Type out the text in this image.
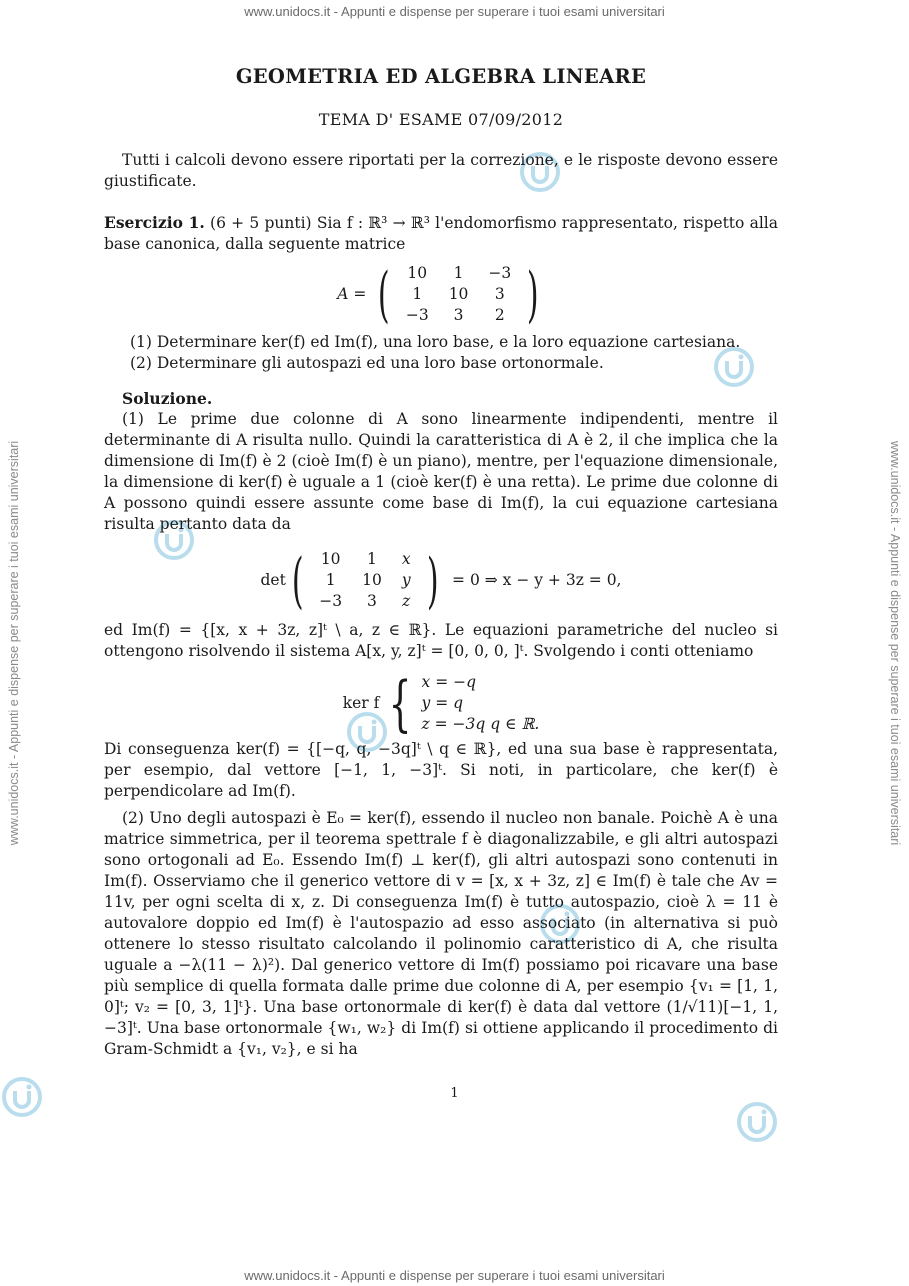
www.unidocs.it - Appunti e dispense per superare i tuoi esami universitari
www.unidocs.it - Appunti e dispense per superare i tuoi esami universitari
www.unidocs.it - Appunti e dispense per superare i tuoi esami universitari	www.unidocs.it - Appunti e dispense per superare i tuoi esami universitari
GEOMETRIA ED ALGEBRA LINEARE
TEMA D' ESAME 07/09/2012

Tutti i calcoli devono essere riportati per la correzione, e le risposte devono essere giustificate.

Esercizio 1. (6 + 5 punti) Sia f : ℝ³ → ℝ³ l'endomorfismo rappresentato, rispetto alla base canonica, dalla seguente matrice

A = ( 10	1	−3
1	10	3
−3	3	2 )
(1) Determinare ker(f) ed Im(f), una loro base, e la loro equazione cartesiana.
(2) Determinare gli autospazi ed una loro base ortonormale.
Soluzione.

(1) Le prime due colonne di A sono linearmente indipendenti, mentre il determinante di A risulta nullo. Quindi la caratteristica di A è 2, il che implica che la dimensione di Im(f) è 2 (cioè Im(f) è un piano), mentre, per l'equazione dimensionale, la dimensione di ker(f) è uguale a 1 (cioè ker(f) è una retta). Le prime due colonne di A possono quindi essere assunte come base di Im(f), la cui equazione cartesiana risulta pertanto data da

det ( 10	1	x
1	10	y
−3	3	z ) = 0 ⇒ x − y + 3z = 0,

ed Im(f) = {[x, x + 3z, z]ᵗ \ a, z ∈ ℝ}. Le equazioni parametriche del nucleo si ottengono risolvendo il sistema A[x, y, z]ᵗ = [0, 0, 0, ]ᵗ. Svolgendo i conti otteniamo

ker f { x = −q
y = q
z = −3q q ∈ ℝ.

Di conseguenza ker(f) = {[−q, q, −3q]ᵗ \ q ∈ ℝ}, ed una sua base è rappresentata, per esempio, dal vettore [−1, 1, −3]ᵗ. Si noti, in particolare, che ker(f) è perpendicolare ad Im(f).

(2) Uno degli autospazi è E₀ = ker(f), essendo il nucleo non banale. Poichè A è una matrice simmetrica, per il teorema spettrale f è diagonalizzabile, e gli altri autospazi sono ortogonali ad E₀. Essendo Im(f) ⊥ ker(f), gli altri autospazi sono contenuti in Im(f). Osserviamo che il generico vettore di v = [x, x + 3z, z] ∈ Im(f) è tale che Av = 11v, per ogni scelta di x, z. Di conseguenza Im(f) è tutto autospazio, cioè λ = 11 è autovalore doppio ed Im(f) è l'autospazio ad esso associato (in alternativa si può ottenere lo stesso risultato calcolando il polinomio caratteristico di A, che risulta uguale a −λ(11 − λ)²). Dal generico vettore di Im(f) possiamo poi ricavare una base più semplice di quella formata dalle prime due colonne di A, per esempio {v₁ = [1, 1, 0]ᵗ; v₂ = [0, 3, 1]ᵗ}. Una base ortonormale di ker(f) è data dal vettore (1/√11)[−1, 1, −3]ᵗ. Una base ortonormale {w₁, w₂} di Im(f) si ottiene applicando il procedimento di Gram-Schmidt a {v₁, v₂}, e si ha

1
